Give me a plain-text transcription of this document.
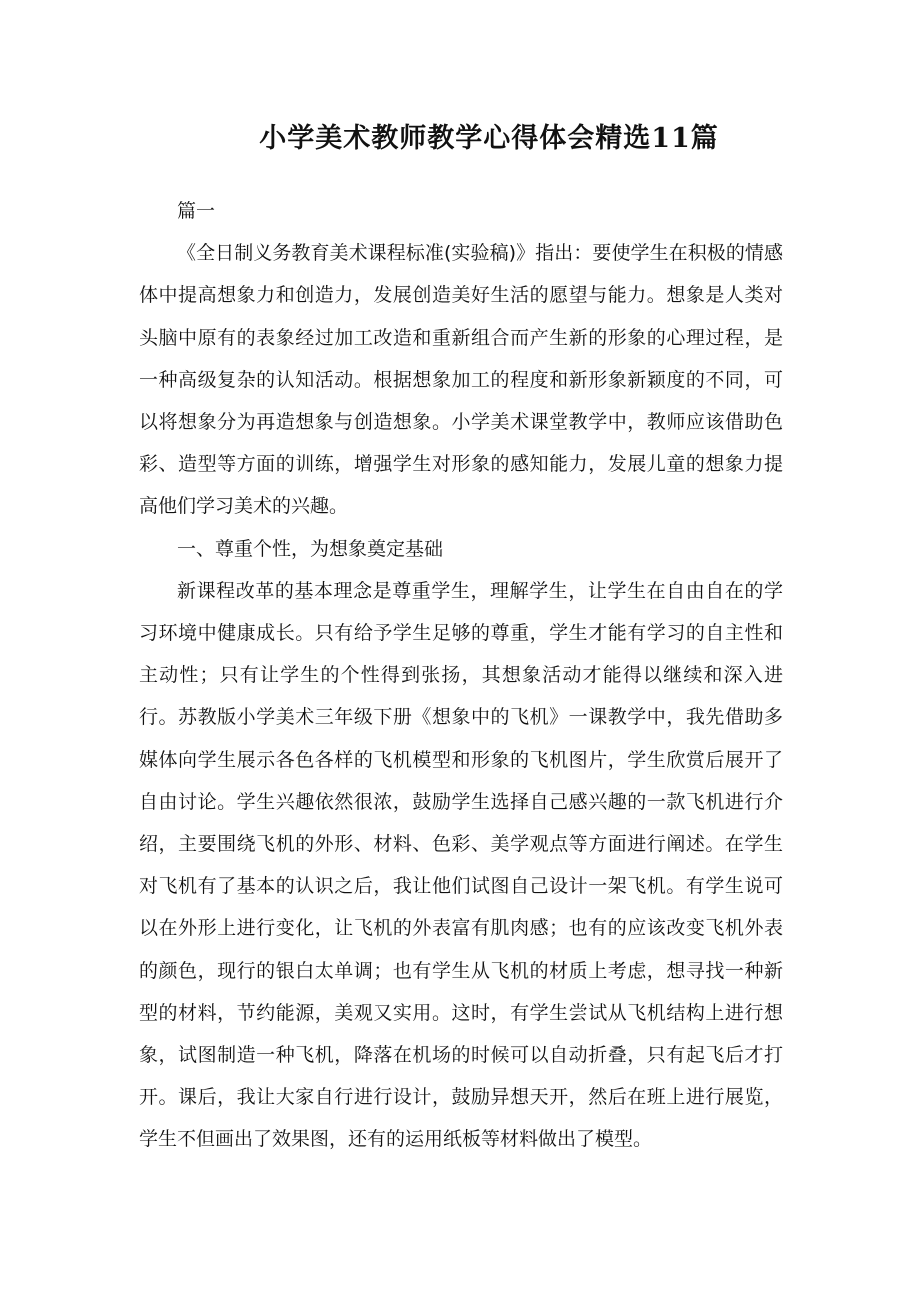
小学美术教师教学心得体会精选11篇

篇一

《全日制义务教育美术课程标准(实验稿)》指出：要使学生在积极的情感体中提高想象力和创造力，发展创造美好生活的愿望与能力。想象是人类对头脑中原有的表象经过加工改造和重新组合而产生新的形象的心理过程，是一种高级复杂的认知活动。根据想象加工的程度和新形象新颖度的不同，可以将想象分为再造想象与创造想象。小学美术课堂教学中，教师应该借助色彩、造型等方面的训练，增强学生对形象的感知能力，发展儿童的想象力提高他们学习美术的兴趣。

一、尊重个性，为想象奠定基础

新课程改革的基本理念是尊重学生，理解学生，让学生在自由自在的学习环境中健康成长。只有给予学生足够的尊重，学生才能有学习的自主性和主动性；只有让学生的个性得到张扬，其想象活动才能得以继续和深入进行。苏教版小学美术三年级下册《想象中的飞机》一课教学中，我先借助多媒体向学生展示各色各样的飞机模型和形象的飞机图片，学生欣赏后展开了自由讨论。学生兴趣依然很浓，鼓励学生选择自己感兴趣的一款飞机进行介绍，主要围绕飞机的外形、材料、色彩、美学观点等方面进行阐述。在学生对飞机有了基本的认识之后，我让他们试图自己设计一架飞机。有学生说可以在外形上进行变化，让飞机的外表富有肌肉感；也有的应该改变飞机外表的颜色，现行的银白太单调；也有学生从飞机的材质上考虑，想寻找一种新型的材料，节约能源，美观又实用。这时，有学生尝试从飞机结构上进行想象，试图制造一种飞机，降落在机场的时候可以自动折叠，只有起飞后才打开。课后，我让大家自行进行设计，鼓励异想天开，然后在班上进行展览，学生不但画出了效果图，还有的运用纸板等材料做出了模型。
